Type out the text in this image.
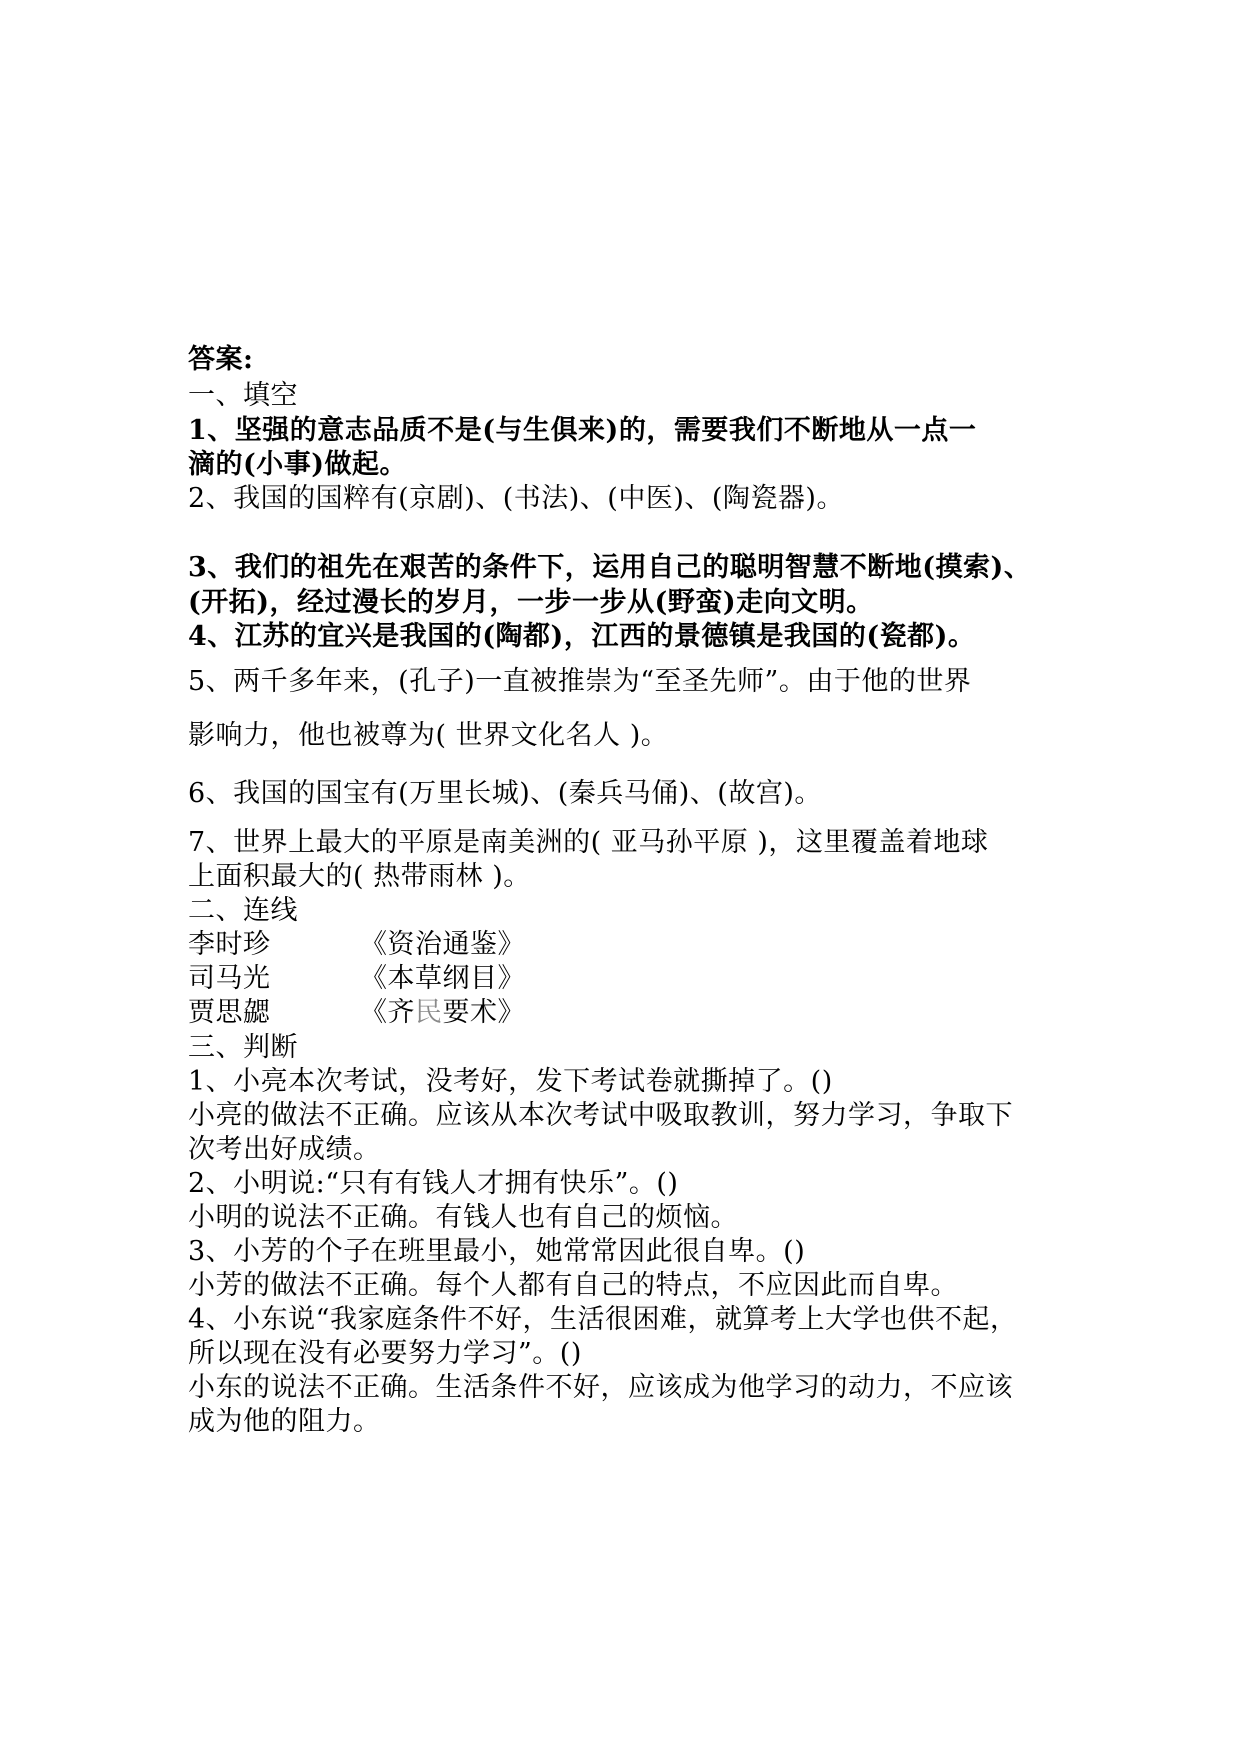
答案:
一、填空
1、坚强的意志品质不是(与生俱来)的，需要我们不断地从一点一
滴的(小事)做起。
2、我国的国粹有(京剧)、(书法)、(中医)、(陶瓷器)。
3、我们的祖先在艰苦的条件下，运用自己的聪明智慧不断地(摸索)、
(开拓)，经过漫长的岁月，一步一步从(野蛮)走向文明。
4、江苏的宜兴是我国的(陶都)，江西的景德镇是我国的(瓷都)。
5、两千多年来，(孔子)一直被推崇为“至圣先师”。由于他的世界
影响力，他也被尊为( 世界文化名人 )。
6、我国的国宝有(万里长城)、(秦兵马俑)、(故宫)。
7、世界上最大的平原是南美洲的( 亚马孙平原 )，这里覆盖着地球
上面积最大的( 热带雨林 )。
二、连线
李时珍	《资治通鉴》
司马光	《本草纲目》
贾思勰	《齐民要术》
三、判断
1、小亮本次考试，没考好，发下考试卷就撕掉了。()
小亮的做法不正确。应该从本次考试中吸取教训，努力学习，争取下
次考出好成绩。
2、小明说:“只有有钱人才拥有快乐”。()
小明的说法不正确。有钱人也有自己的烦恼。
3、小芳的个子在班里最小，她常常因此很自卑。()
小芳的做法不正确。每个人都有自己的特点，不应因此而自卑。
4、小东说“我家庭条件不好，生活很困难，就算考上大学也供不起，
所以现在没有必要努力学习”。()
小东的说法不正确。生活条件不好，应该成为他学习的动力，不应该
成为他的阻力。
